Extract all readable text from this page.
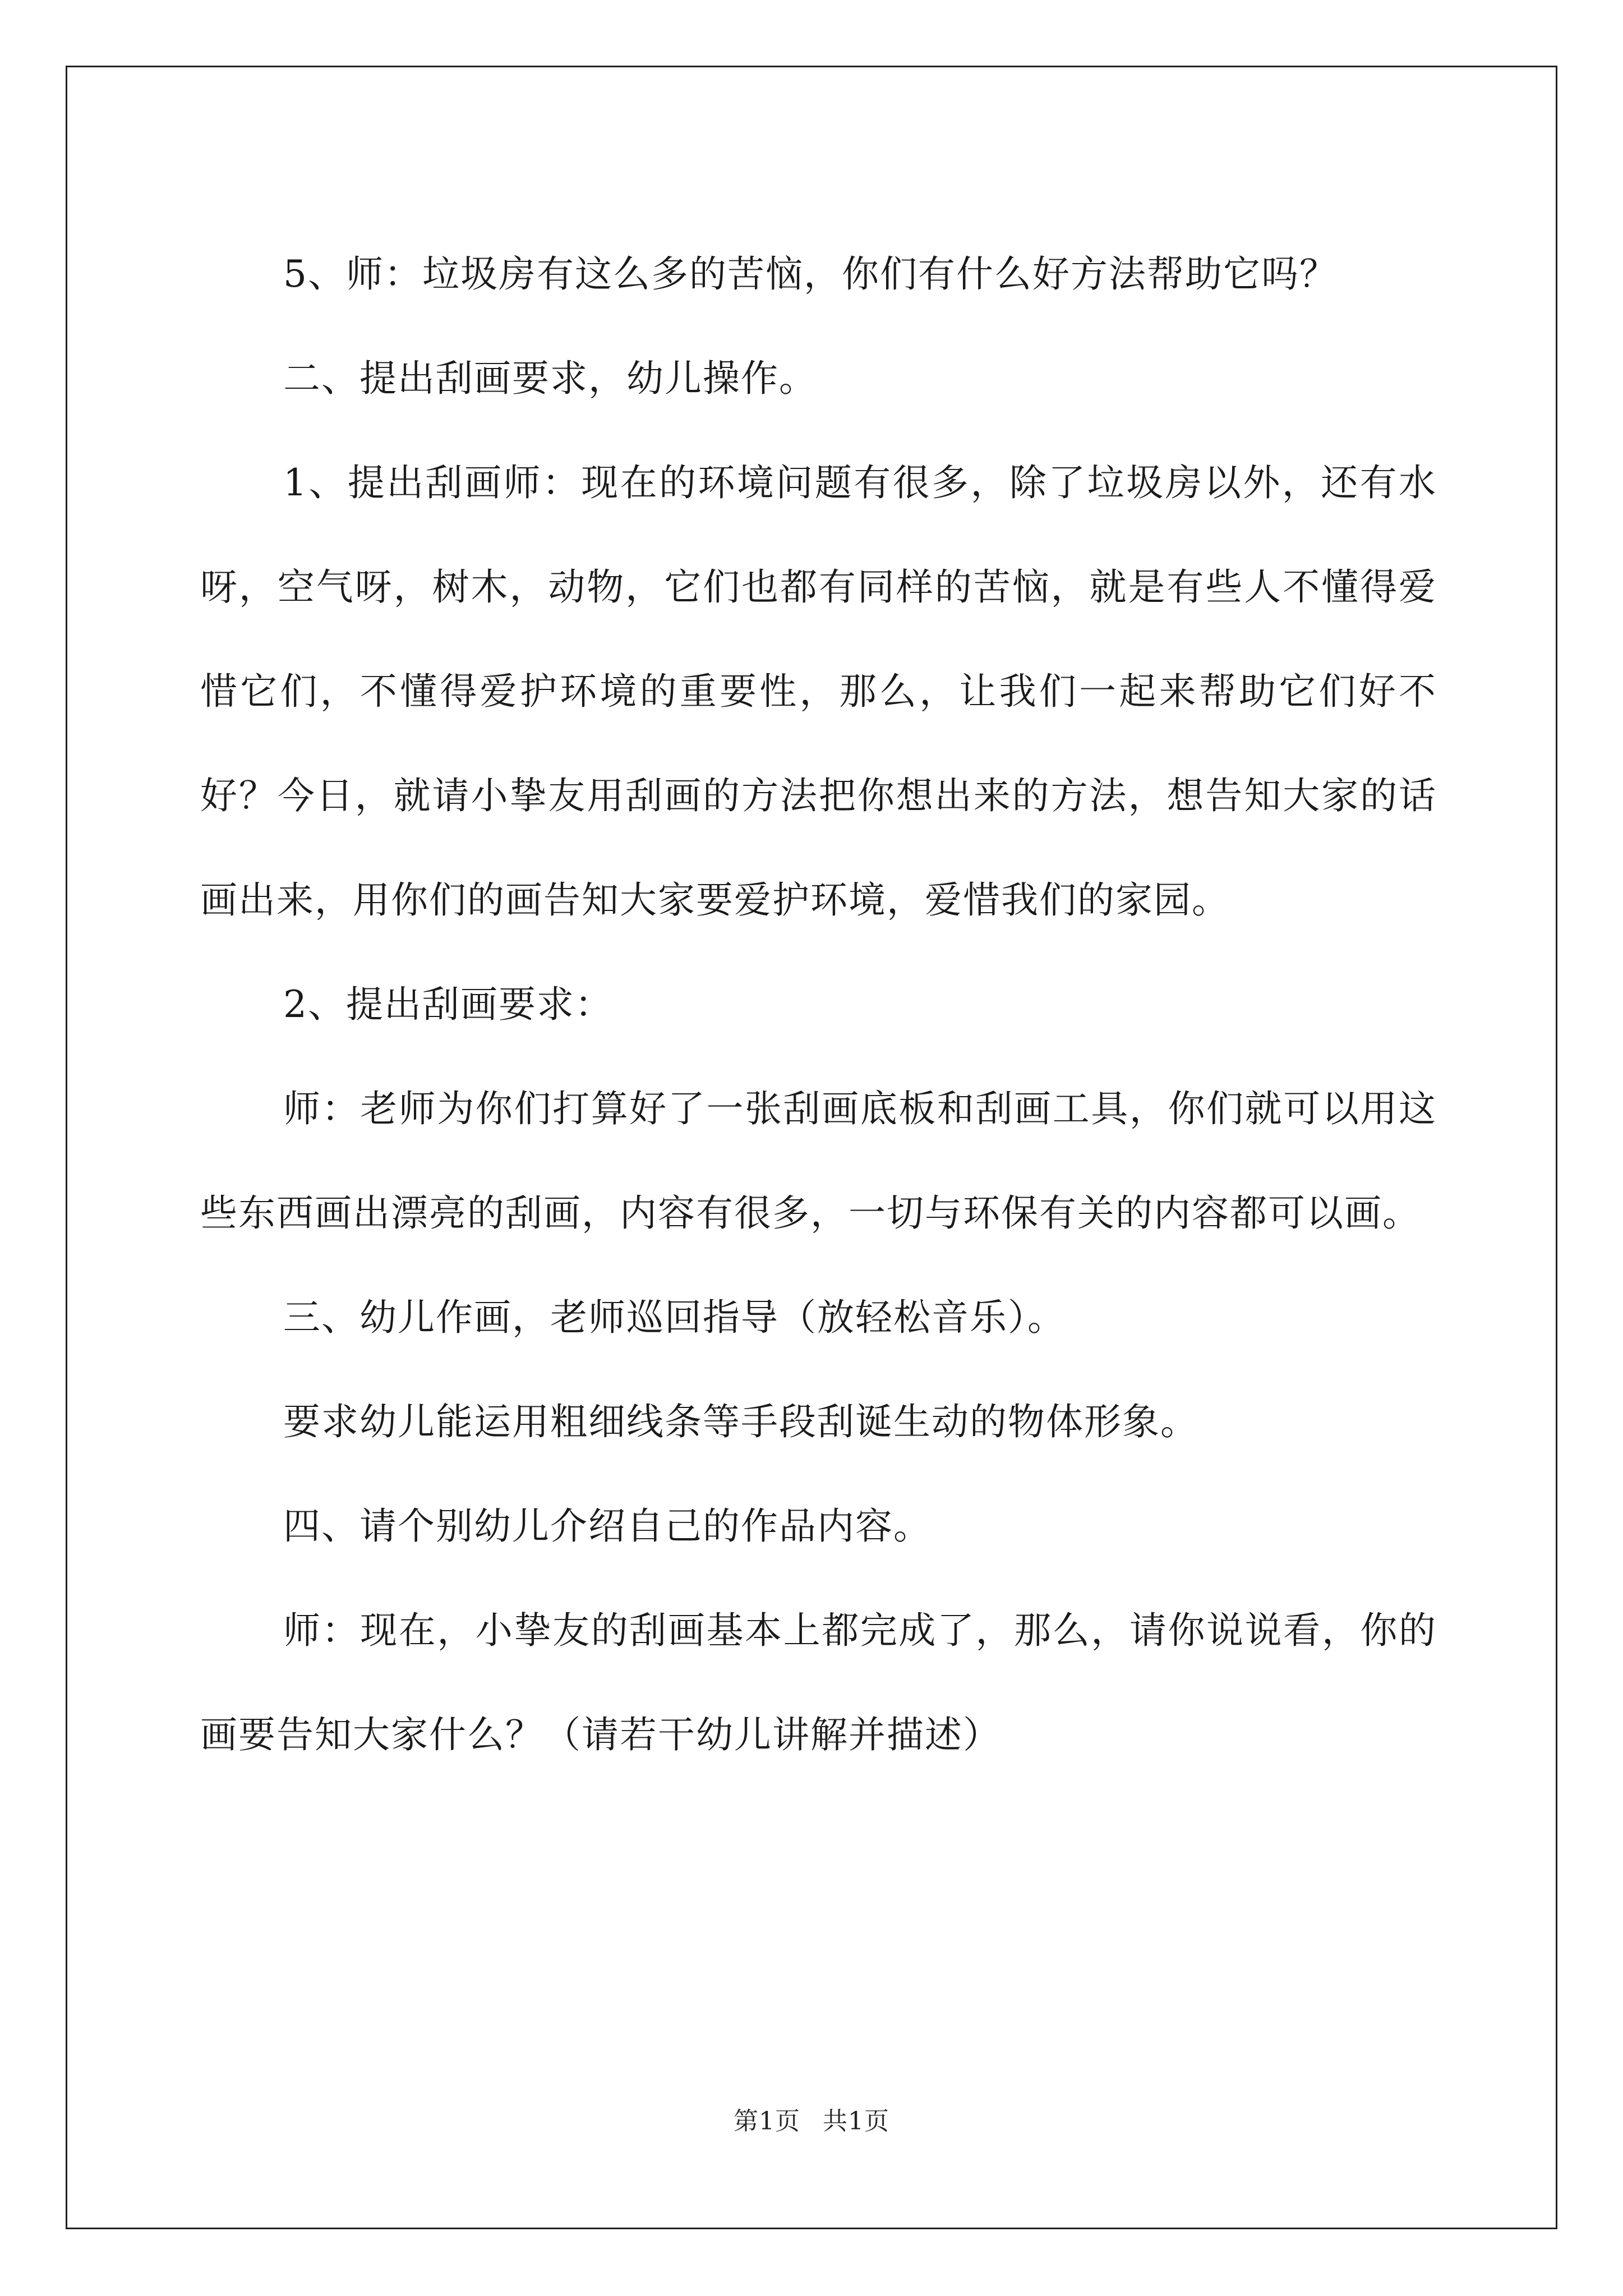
5、师：垃圾房有这么多的苦恼，你们有什么好方法帮助它吗？

二、提出刮画要求，幼儿操作。

1、提出刮画师：现在的环境问题有很多，除了垃圾房以外，还有水呀，空气呀，树木，动物，它们也都有同样的苦恼，就是有些人不懂得爱惜它们，不懂得爱护环境的重要性，那么，让我们一起来帮助它们好不好？今日，就请小挚友用刮画的方法把你想出来的方法，想告知大家的话画出来，用你们的画告知大家要爱护环境，爱惜我们的家园。

2、提出刮画要求：

师：老师为你们打算好了一张刮画底板和刮画工具，你们就可以用这些东西画出漂亮的刮画，内容有很多，一切与环保有关的内容都可以画。

三、幼儿作画，老师巡回指导（放轻松音乐）。

要求幼儿能运用粗细线条等手段刮诞生动的物体形象。

四、请个别幼儿介绍自己的作品内容。

师：现在，小挚友的刮画基本上都完成了，那么，请你说说看，你的画要告知大家什么？（请若干幼儿讲解并描述）

第1页 共1页
